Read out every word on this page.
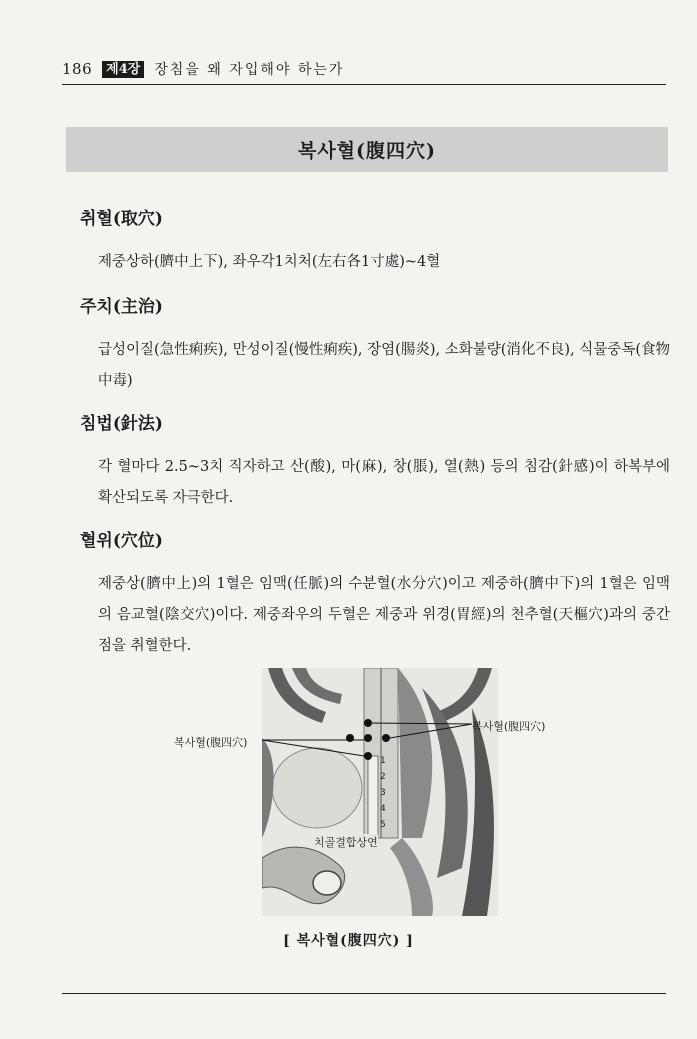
186	제4장 장침을 왜 자입해야 하는가
복사혈(腹四穴)
취혈(取穴)

제중상하(臍中上下), 좌우각1치처(左右各1寸處)~4혈

주치(主治)

급성이질(急性痢疾), 만성이질(慢性痢疾), 장염(腸炎), 소화불량(消化不良), 식물중독(食物中毒)

침법(針法)

각 혈마다 2.5~3치 직자하고 산(酸), 마(麻), 창(脹), 열(熱) 등의 침감(針感)이 하복부에 확산되도록 자극한다.

혈위(穴位)

제중상(臍中上)의 1혈은 임맥(任脈)의 수분혈(水分穴)이고 제중하(臍中下)의 1혈은 임맥의 음교혈(陰交穴)이다. 제중좌우의 두혈은 제중과 위경(胃經)의 천추혈(天樞穴)과의 중간점을 취혈한다.

복사혈(腹四穴)
복사혈(腹四穴)
치골결합상연
1
2
3
4
5
[ 복사혈(腹四穴) ]
